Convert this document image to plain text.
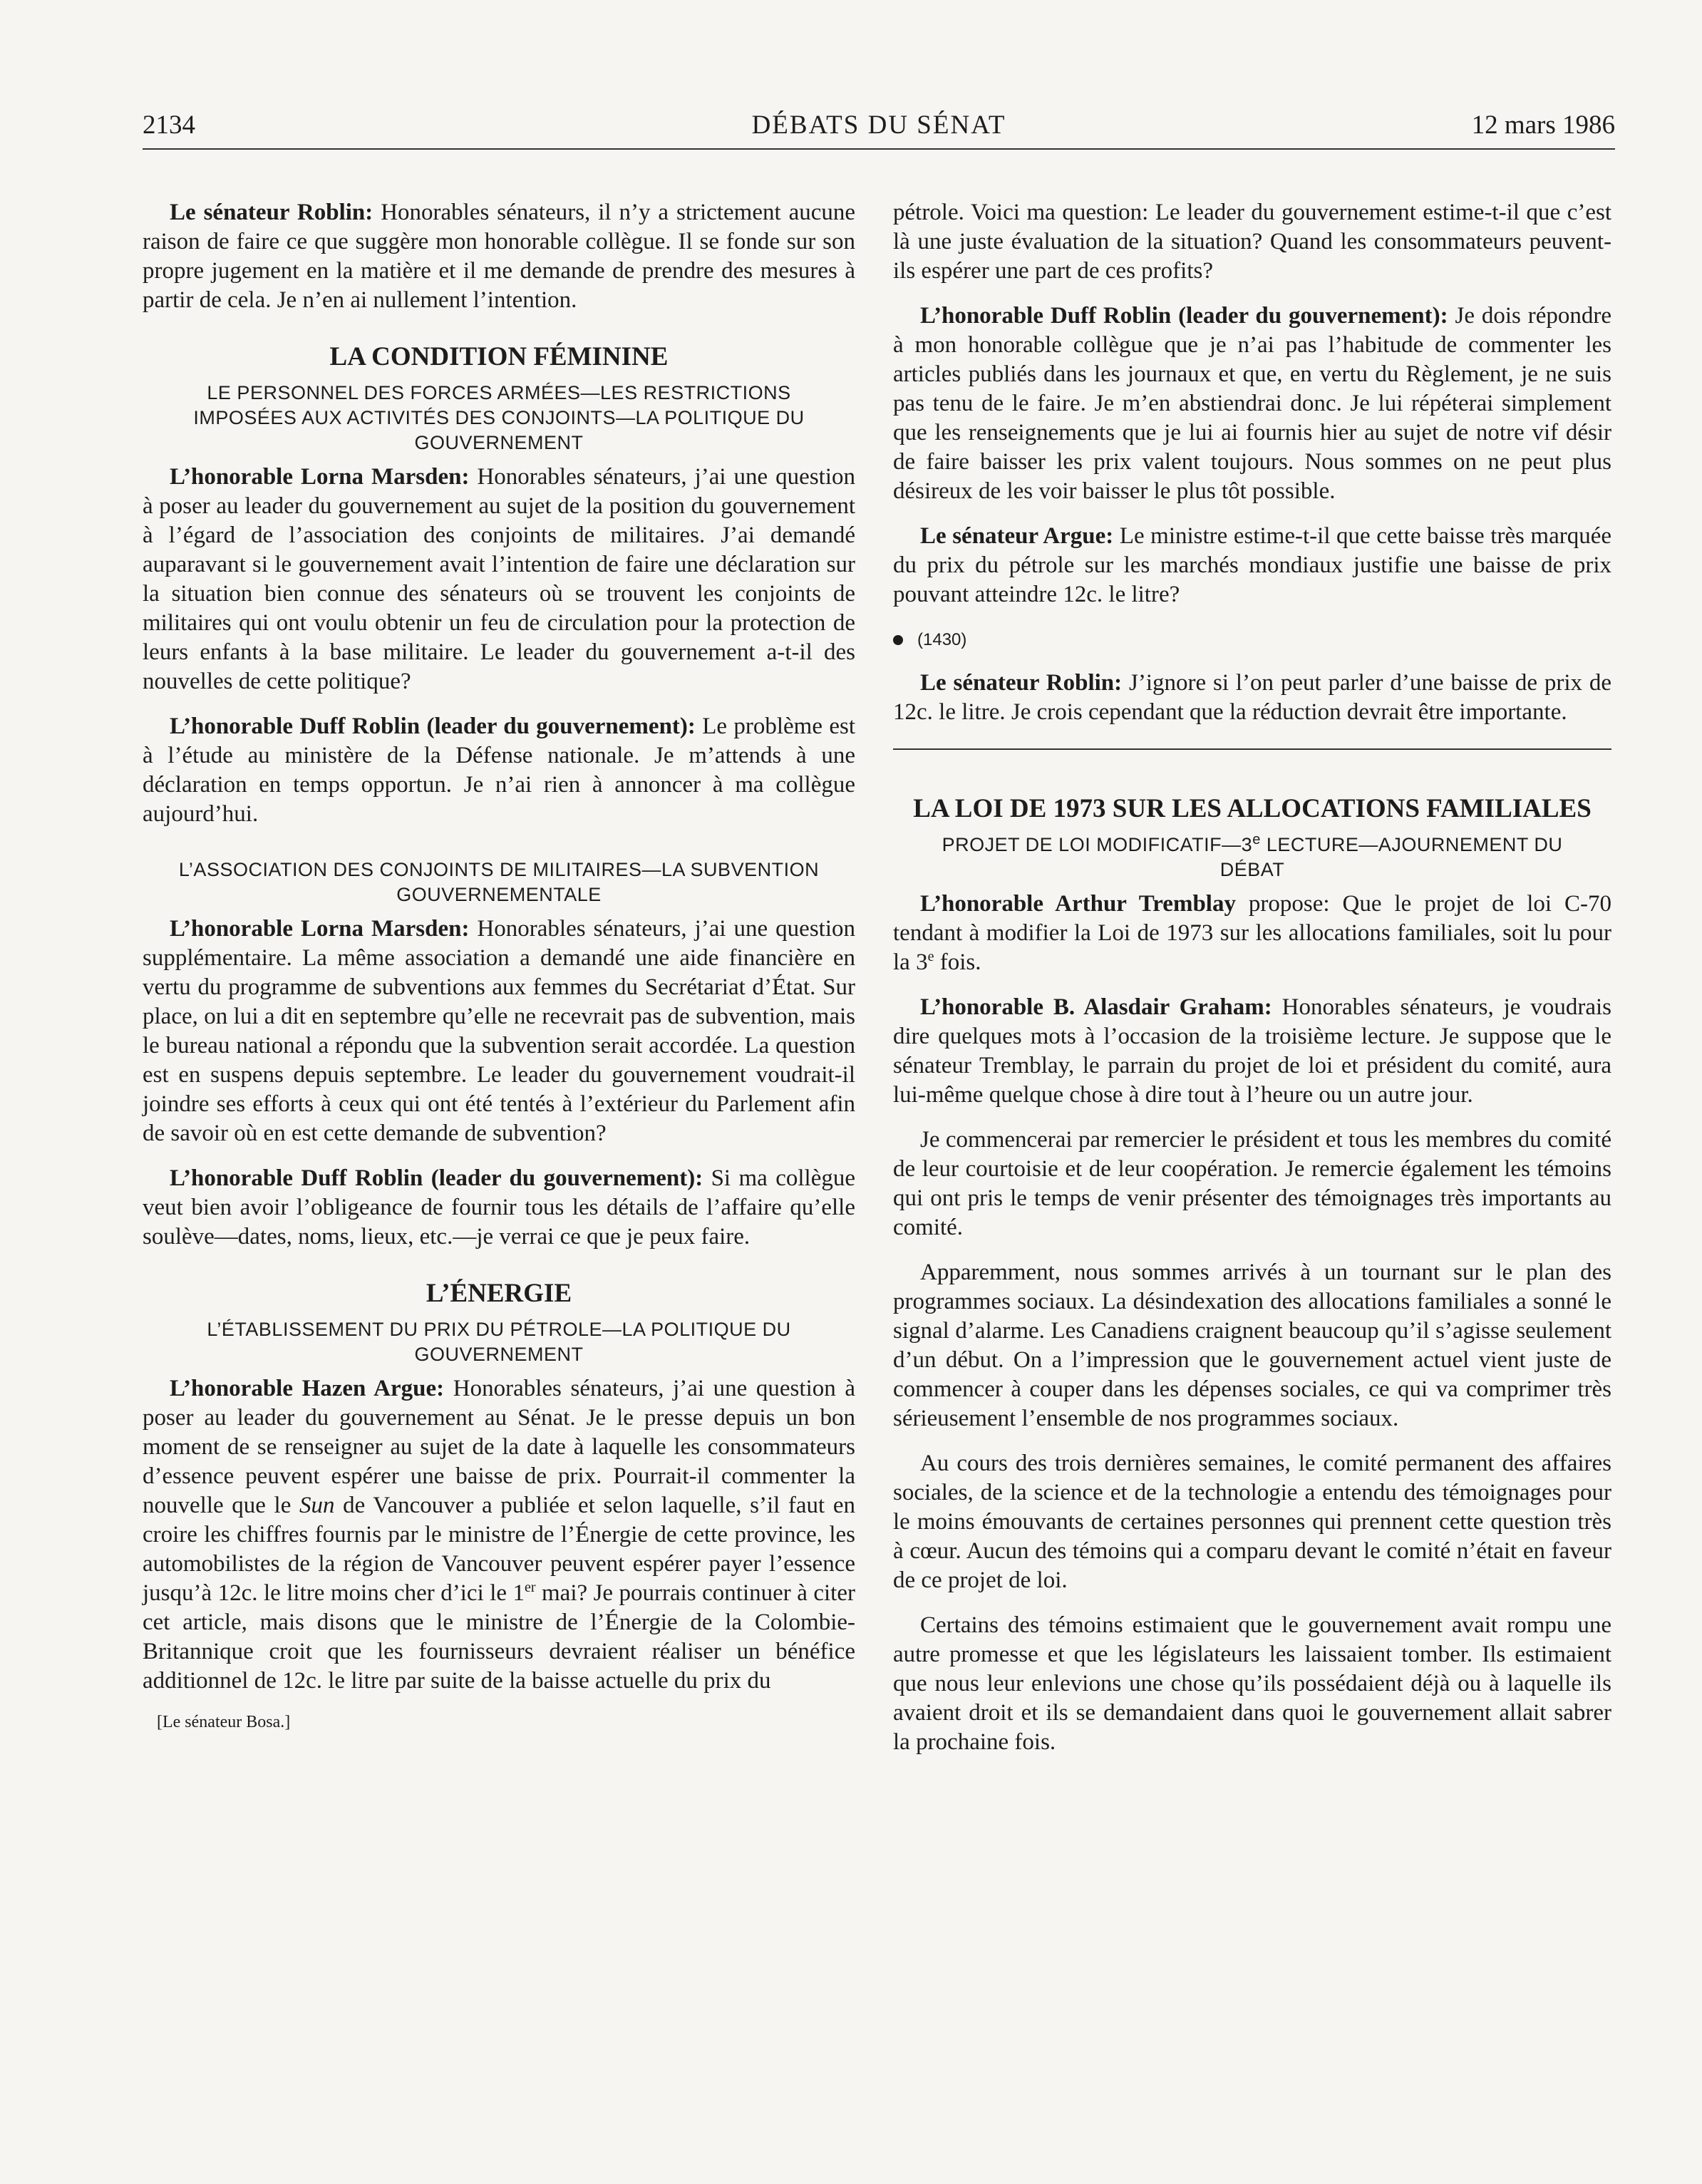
DÉBATS DU SÉNAT
2134	12 mars 1986

Le sénateur Roblin: Honorables sénateurs, il n’y a strictement aucune raison de faire ce que suggère mon honorable collègue. Il se fonde sur son propre jugement en la matière et il me demande de prendre des mesures à partir de cela. Je n’en ai nullement l’intention.

LA CONDITION FÉMININE
LE PERSONNEL DES FORCES ARMÉES—LES RESTRICTIONS IMPOSÉES AUX ACTIVITÉS DES CONJOINTS—LA POLITIQUE DU GOUVERNEMENT

L’honorable Lorna Marsden: Honorables sénateurs, j’ai une question à poser au leader du gouvernement au sujet de la position du gouvernement à l’égard de l’association des conjoints de militaires. J’ai demandé auparavant si le gouvernement avait l’intention de faire une déclaration sur la situation bien connue des sénateurs où se trouvent les conjoints de militaires qui ont voulu obtenir un feu de circulation pour la protection de leurs enfants à la base militaire. Le leader du gouvernement a-t-il des nouvelles de cette politique?

L’honorable Duff Roblin (leader du gouvernement): Le problème est à l’étude au ministère de la Défense nationale. Je m’attends à une déclaration en temps opportun. Je n’ai rien à annoncer à ma collègue aujourd’hui.

L’ASSOCIATION DES CONJOINTS DE MILITAIRES—LA SUBVENTION GOUVERNEMENTALE

L’honorable Lorna Marsden: Honorables sénateurs, j’ai une question supplémentaire. La même association a demandé une aide financière en vertu du programme de subventions aux femmes du Secrétariat d’État. Sur place, on lui a dit en septembre qu’elle ne recevrait pas de subvention, mais le bureau national a répondu que la subvention serait accordée. La question est en suspens depuis septembre. Le leader du gouvernement voudrait-il joindre ses efforts à ceux qui ont été tentés à l’extérieur du Parlement afin de savoir où en est cette demande de subvention?

L’honorable Duff Roblin (leader du gouvernement): Si ma collègue veut bien avoir l’obligeance de fournir tous les détails de l’affaire qu’elle soulève—dates, noms, lieux, etc.—je verrai ce que je peux faire.

L’ÉNERGIE
L’ÉTABLISSEMENT DU PRIX DU PÉTROLE—LA POLITIQUE DU GOUVERNEMENT

L’honorable Hazen Argue: Honorables sénateurs, j’ai une question à poser au leader du gouvernement au Sénat. Je le presse depuis un bon moment de se renseigner au sujet de la date à laquelle les consommateurs d’essence peuvent espérer une baisse de prix. Pourrait-il commenter la nouvelle que le Sun de Vancouver a publiée et selon laquelle, s’il faut en croire les chiffres fournis par le ministre de l’Énergie de cette province, les automobilistes de la région de Vancouver peuvent espérer payer l’essence jusqu’à 12c. le litre moins cher d’ici le 1er mai? Je pourrais continuer à citer cet article, mais disons que le ministre de l’Énergie de la Colombie-Britannique croit que les fournisseurs devraient réaliser un bénéfice additionnel de 12c. le litre par suite de la baisse actuelle du prix du

[Le sénateur Bosa.]

pétrole. Voici ma question: Le leader du gouvernement estime-t-il que c’est là une juste évaluation de la situation? Quand les consommateurs peuvent-ils espérer une part de ces profits?

L’honorable Duff Roblin (leader du gouvernement): Je dois répondre à mon honorable collègue que je n’ai pas l’habitude de commenter les articles publiés dans les journaux et que, en vertu du Règlement, je ne suis pas tenu de le faire. Je m’en abstiendrai donc. Je lui répéterai simplement que les renseignements que je lui ai fournis hier au sujet de notre vif désir de faire baisser les prix valent toujours. Nous sommes on ne peut plus désireux de les voir baisser le plus tôt possible.

Le sénateur Argue: Le ministre estime-t-il que cette baisse très marquée du prix du pétrole sur les marchés mondiaux justifie une baisse de prix pouvant atteindre 12c. le litre?

(1430)

Le sénateur Roblin: J’ignore si l’on peut parler d’une baisse de prix de 12c. le litre. Je crois cependant que la réduction devrait être importante.

LA LOI DE 1973 SUR LES ALLOCATIONS FAMILIALES
PROJET DE LOI MODIFICATIF—3e LECTURE—AJOURNEMENT DU DÉBAT

L’honorable Arthur Tremblay propose: Que le projet de loi C-70 tendant à modifier la Loi de 1973 sur les allocations familiales, soit lu pour la 3e fois.

L’honorable B. Alasdair Graham: Honorables sénateurs, je voudrais dire quelques mots à l’occasion de la troisième lecture. Je suppose que le sénateur Tremblay, le parrain du projet de loi et président du comité, aura lui-même quelque chose à dire tout à l’heure ou un autre jour.

Je commencerai par remercier le président et tous les membres du comité de leur courtoisie et de leur coopération. Je remercie également les témoins qui ont pris le temps de venir présenter des témoignages très importants au comité.

Apparemment, nous sommes arrivés à un tournant sur le plan des programmes sociaux. La désindexation des allocations familiales a sonné le signal d’alarme. Les Canadiens craignent beaucoup qu’il s’agisse seulement d’un début. On a l’impression que le gouvernement actuel vient juste de commencer à couper dans les dépenses sociales, ce qui va comprimer très sérieusement l’ensemble de nos programmes sociaux.

Au cours des trois dernières semaines, le comité permanent des affaires sociales, de la science et de la technologie a entendu des témoignages pour le moins émouvants de certaines personnes qui prennent cette question très à cœur. Aucun des témoins qui a comparu devant le comité n’était en faveur de ce projet de loi.

Certains des témoins estimaient que le gouvernement avait rompu une autre promesse et que les législateurs les laissaient tomber. Ils estimaient que nous leur enlevions une chose qu’ils possédaient déjà ou à laquelle ils avaient droit et ils se demandaient dans quoi le gouvernement allait sabrer la prochaine fois.
